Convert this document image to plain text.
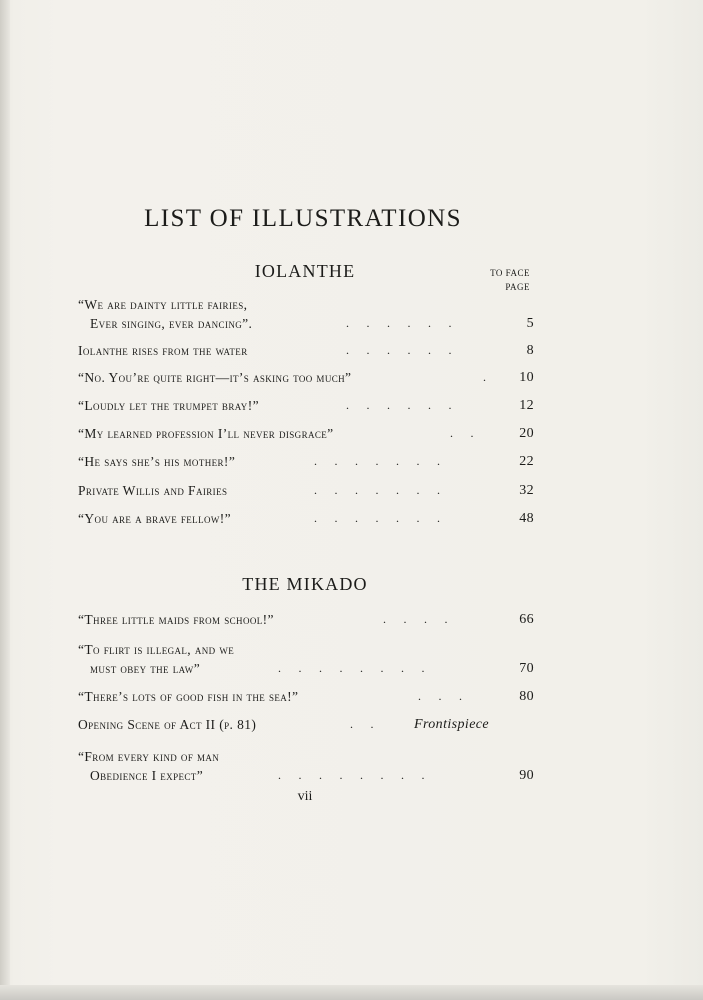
LIST OF ILLUSTRATIONS
IOLANTHE	TO FACE
PAGE
“We are dainty little fairies,
Ever singing, ever dancing”.	......	5
Iolanthe rises from the water	......	8
“No. You’re quite right—it’s asking too much”	. 10
“Loudly let the trumpet bray!”	......	12
“My learned profession I’ll never disgrace”	.. 20
“He says she’s his mother!”	.......	22
Private Willis and Fairies	.......	32
“You are a brave fellow!”	.......	48
THE MIKADO
“Three little maids from school!”	....	66
“To flirt is illegal, and we
must obey the law”	........	70
“There’s lots of good fish in the sea!”	...	80
Opening Scene of Act II (p. 81)	.. Frontispiece
“From every kind of man
Obedience I expect”	........	90
vii
